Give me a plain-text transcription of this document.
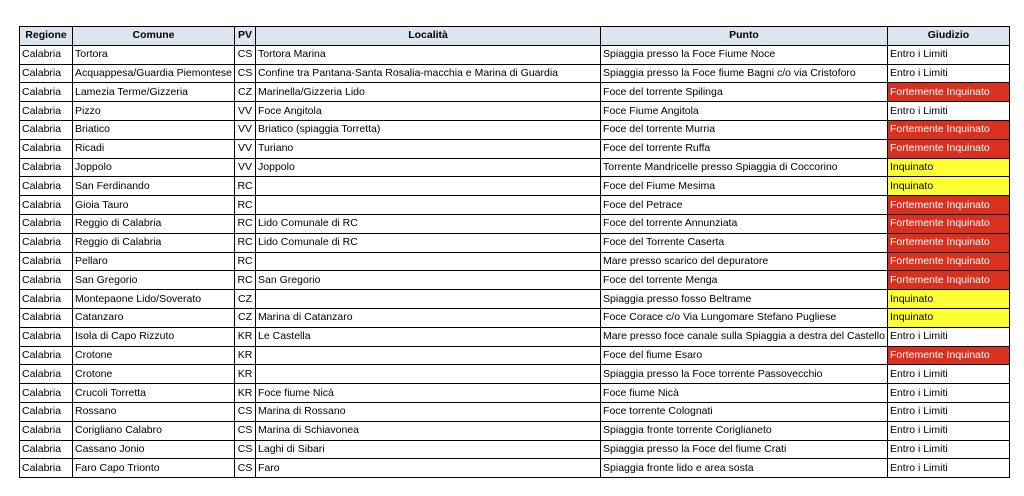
Regione	Comune	PV	Località	Punto	Giudizio
Calabria	Tortora	CS	Tortora Marina	Spiaggia presso la Foce Fiume Noce	Entro i Limiti
Calabria	Acquappesa/Guardia Piemontese	CS	Confine tra Pantana-Santa Rosalia-macchia e Marina di Guardia	Spiaggia presso la Foce fiume Bagni c/o via Cristoforo	Entro i Limiti
Calabria	Lamezia Terme/Gizzeria	CZ	Marinella/Gizzeria Lido	Foce del torrente Spilinga	Fortemente Inquinato
Calabria	Pizzo	VV	Foce Angitola	Foce Fiume Angitola	Entro i Limiti
Calabria	Briatico	VV	Briatico (spiaggia Torretta)	Foce del torrente Murria	Fortemente Inquinato
Calabria	Ricadi	VV	Turiano	Foce del torrente Ruffa	Fortemente Inquinato
Calabria	Joppolo	VV	Joppolo	Torrente Mandricelle presso Spiaggia di Coccorino	Inquinato
Calabria	San Ferdinando	RC		Foce del Fiume Mesima	Inquinato
Calabria	Gioia Tauro	RC		Foce del Petrace	Fortemente Inquinato
Calabria	Reggio di Calabria	RC	Lido Comunale di RC	Foce del torrente Annunziata	Fortemente Inquinato
Calabria	Reggio di Calabria	RC	Lido Comunale di RC	Foce del Torrente Caserta	Fortemente Inquinato
Calabria	Pellaro	RC		Mare presso scarico del depuratore	Fortemente Inquinato
Calabria	San Gregorio	RC	San Gregorio	Foce del torrente Menga	Fortemente Inquinato
Calabria	Montepaone Lido/Soverato	CZ		Spiaggia presso fosso Beltrame	Inquinato
Calabria	Catanzaro	CZ	Marina di Catanzaro	Foce Corace c/o Via Lungomare Stefano Pugliese	Inquinato
Calabria	Isola di Capo Rizzuto	KR	Le Castella	Mare presso foce canale sulla Spiaggia a destra del Castello	Entro i Limiti
Calabria	Crotone	KR		Foce del fiume Esaro	Fortemente Inquinato
Calabria	Crotone	KR		Spiaggia presso la Foce torrente Passovecchio	Entro i Limiti
Calabria	Crucoli Torretta	KR	Foce fiume Nicà	Foce fiume Nicà	Entro i Limiti
Calabria	Rossano	CS	Marina di Rossano	Foce torrente Colognati	Entro i Limiti
Calabria	Corigliano Calabro	CS	Marina di Schiavonea	Spiaggia fronte torrente Coriglianeto	Entro i Limiti
Calabria	Cassano Jonio	CS	Laghi di Sibari	Spiaggia presso la Foce del fiume Crati	Entro i Limiti
Calabria	Faro Capo Trionto	CS	Faro	Spiaggia fronte lido e area sosta	Entro i Limiti
